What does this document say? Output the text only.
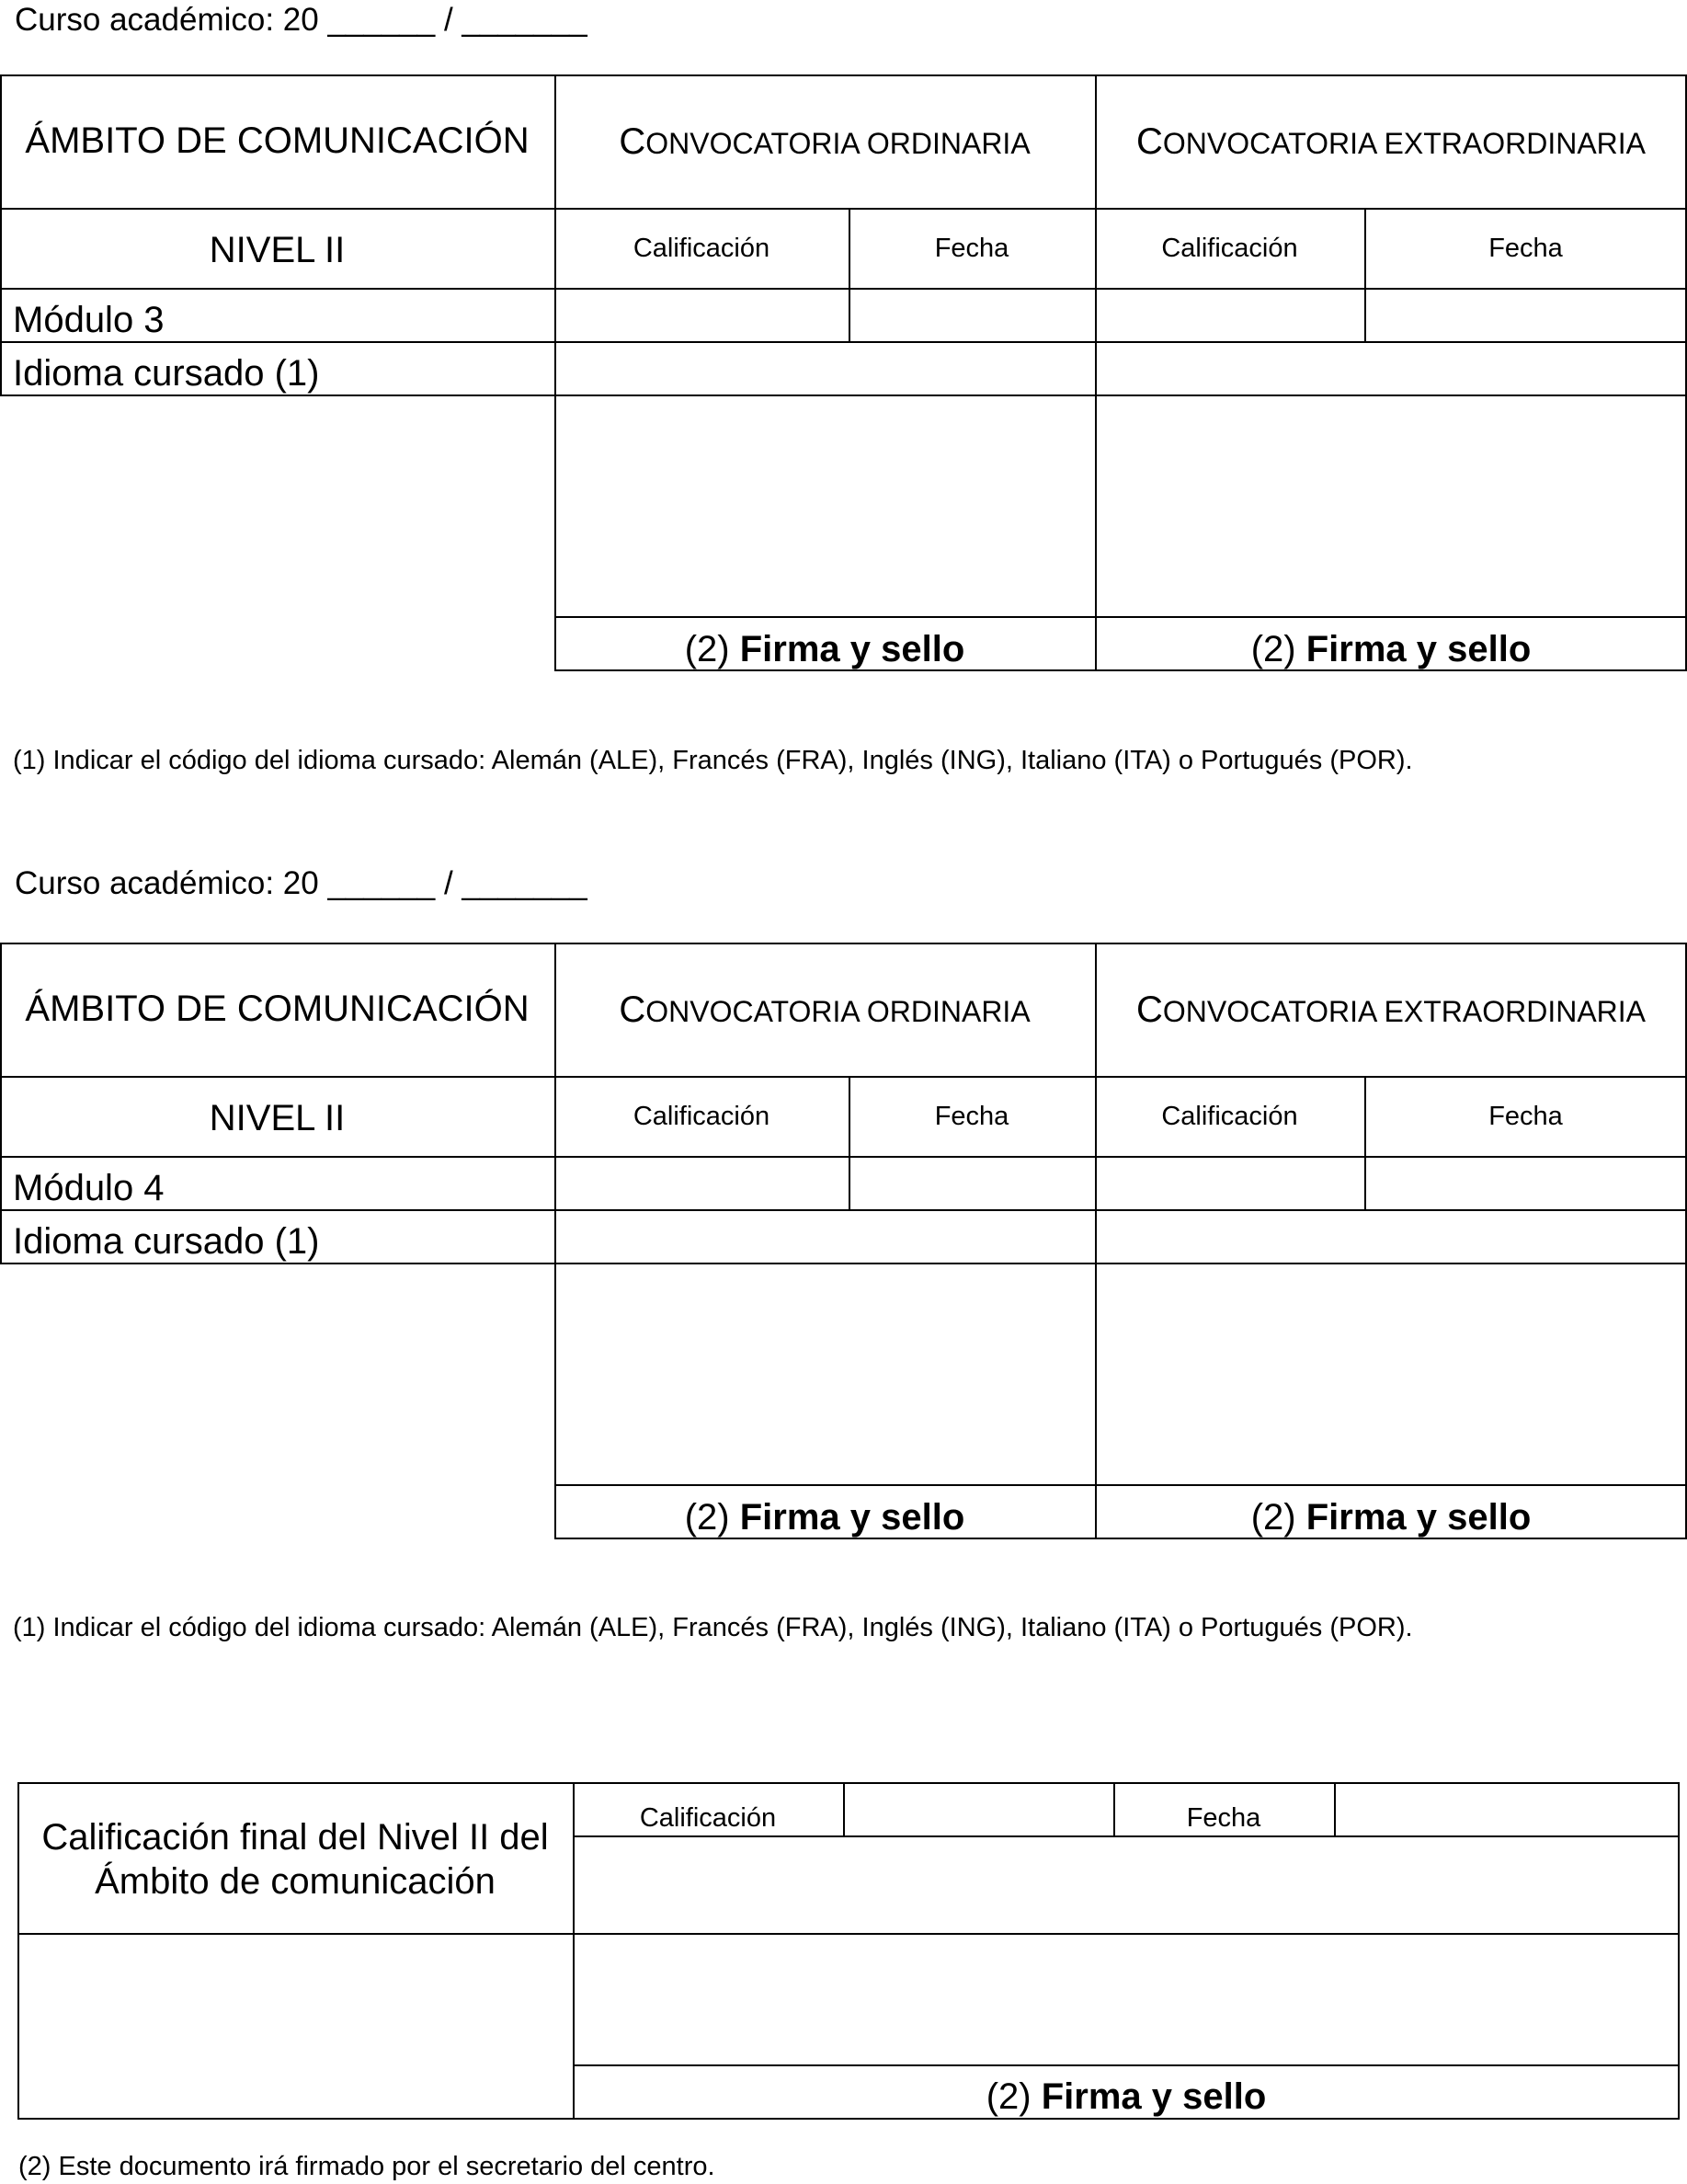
Curso académico: 20 ______ / _______
ÁMBITO DE COMUNICACIÓN	CONVOCATORIA ORDINARIA	CONVOCATORIA EXTRAORDINARIA
NIVEL II	Calificación	Fecha	Calificación	Fecha
Módulo 3
Idioma cursado (1)
(2) Firma y sello	(2) Firma y sello
(1) Indicar el código del idioma cursado: Alemán (ALE), Francés (FRA), Inglés (ING), Italiano (ITA) o Portugués (POR).
Curso académico: 20 ______ / _______
ÁMBITO DE COMUNICACIÓN	CONVOCATORIA ORDINARIA	CONVOCATORIA EXTRAORDINARIA
NIVEL II	Calificación	Fecha	Calificación	Fecha
Módulo 4
Idioma cursado (1)
(2) Firma y sello	(2) Firma y sello
(1) Indicar el código del idioma cursado: Alemán (ALE), Francés (FRA), Inglés (ING), Italiano (ITA) o Portugués (POR).
Calificación final del Nivel II del
Ámbito de comunicación
Calificación	Fecha
(2) Firma y sello
(2) Este documento irá firmado por el secretario del centro.
